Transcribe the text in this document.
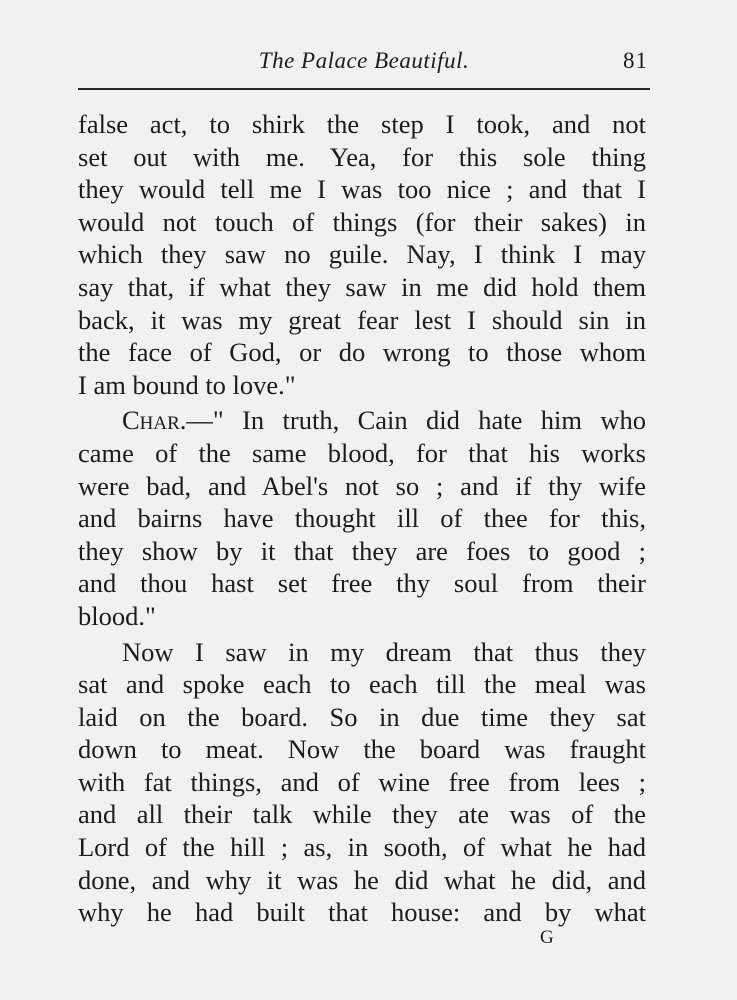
The Palace Beautiful.	81
false act, to shirk the step I took, and not
set out with me. Yea, for this sole thing
they would tell me I was too nice ; and that I
would not touch of things (for their sakes) in
which they saw no guile. Nay, I think I may
say that, if what they saw in me did hold them
back, it was my great fear lest I should sin in
the face of God, or do wrong to those whom
I am bound to love."
Char.—" In truth, Cain did hate him who
came of the same blood, for that his works
were bad, and Abel's not so ; and if thy wife
and bairns have thought ill of thee for this,
they show by it that they are foes to good ;
and thou hast set free thy soul from their
blood."
Now I saw in my dream that thus they
sat and spoke each to each till the meal was
laid on the board. So in due time they sat
down to meat. Now the board was fraught
with fat things, and of wine free from lees ;
and all their talk while they ate was of the
Lord of the hill ; as, in sooth, of what he had
done, and why it was he did what he did, and
why he had built that house: and by what
G
